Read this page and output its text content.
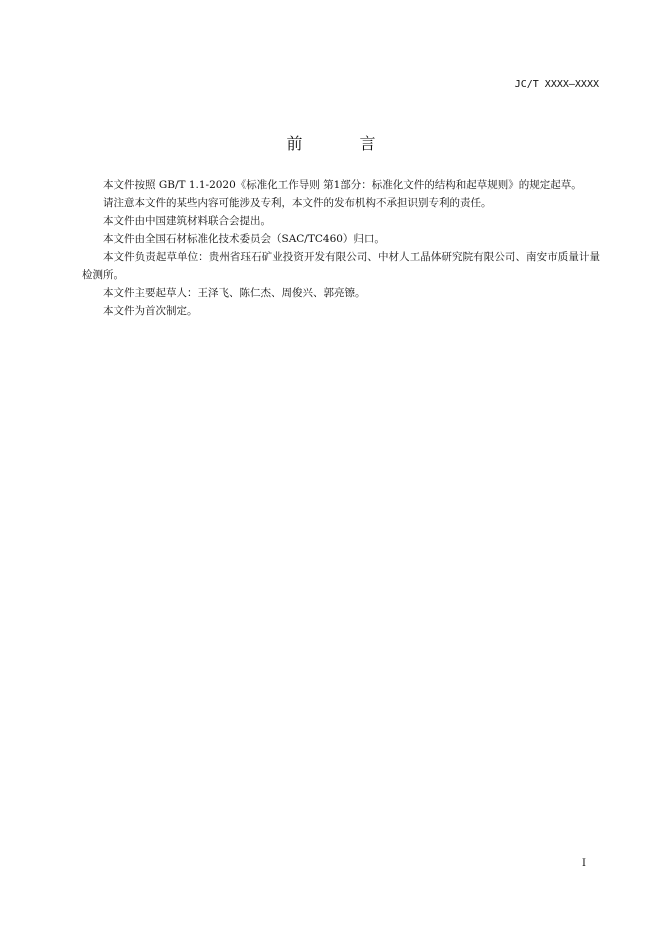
JC/T XXXX—XXXX
前 言

本文件按照 GB/T 1.1-2020《标准化工作导则 第1部分：标准化文件的结构和起草规则》的规定起草。

请注意本文件的某些内容可能涉及专利，本文件的发布机构不承担识别专利的责任。

本文件由中国建筑材料联合会提出。

本文件由全国石材标准化技术委员会（SAC/TC460）归口。

本文件负责起草单位：贵州省珏石矿业投资开发有限公司、中材人工晶体研究院有限公司、南安市质量计量检测所。

本文件主要起草人：王泽飞、陈仁杰、周俊兴、郭亮镲。

本文件为首次制定。

I
